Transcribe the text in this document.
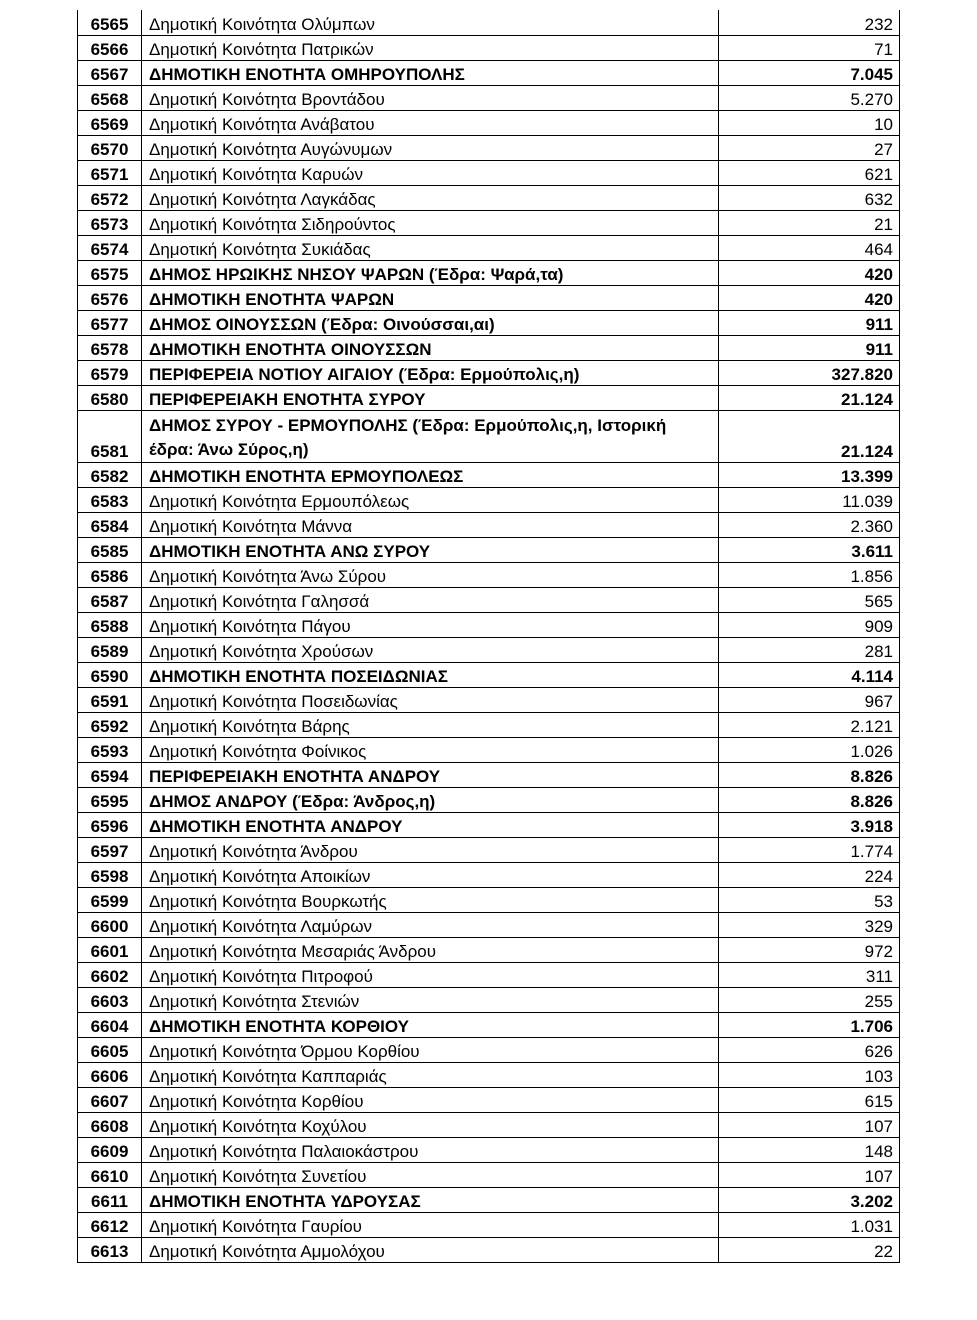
6565	Δημοτική Κοινότητα Ολύμπων	232
6566	Δημοτική Κοινότητα Πατρικών	71
6567	ΔΗΜΟΤΙΚΗ ΕΝΟΤΗΤΑ ΟΜΗΡΟΥΠΟΛΗΣ	7.045
6568	Δημοτική Κοινότητα Βροντάδου	5.270
6569	Δημοτική Κοινότητα Ανάβατου	10
6570	Δημοτική Κοινότητα Αυγώνυμων	27
6571	Δημοτική Κοινότητα Καρυών	621
6572	Δημοτική Κοινότητα Λαγκάδας	632
6573	Δημοτική Κοινότητα Σιδηρούντος	21
6574	Δημοτική Κοινότητα Συκιάδας	464
6575	ΔΗΜΟΣ ΗΡΩΙΚΗΣ ΝΗΣΟΥ ΨΑΡΩΝ (Έδρα: Ψαρά,τα)	420
6576	ΔΗΜΟΤΙΚΗ ΕΝΟΤΗΤΑ ΨΑΡΩΝ	420
6577	ΔΗΜΟΣ ΟΙΝΟΥΣΣΩΝ (Έδρα: Οινούσσαι,αι)	911
6578	ΔΗΜΟΤΙΚΗ ΕΝΟΤΗΤΑ ΟΙΝΟΥΣΣΩΝ	911
6579	ΠΕΡΙΦΕΡΕΙΑ ΝΟΤΙΟΥ ΑΙΓΑΙΟΥ (Έδρα: Ερμούπολις,η)	327.820
6580	ΠΕΡΙΦΕΡΕΙΑΚΗ ΕΝΟΤΗΤΑ ΣΥΡΟΥ	21.124
6581	ΔΗΜΟΣ ΣΥΡΟΥ - ΕΡΜΟΥΠΟΛΗΣ (Έδρα: Ερμούπολις,η, Ιστορική έδρα: Άνω Σύρος,η)	21.124
6582	ΔΗΜΟΤΙΚΗ ΕΝΟΤΗΤΑ ΕΡΜΟΥΠΟΛΕΩΣ	13.399
6583	Δημοτική Κοινότητα Ερμουπόλεως	11.039
6584	Δημοτική Κοινότητα Μάννα	2.360
6585	ΔΗΜΟΤΙΚΗ ΕΝΟΤΗΤΑ ΑΝΩ ΣΥΡΟΥ	3.611
6586	Δημοτική Κοινότητα Άνω Σύρου	1.856
6587	Δημοτική Κοινότητα Γαλησσά	565
6588	Δημοτική Κοινότητα Πάγου	909
6589	Δημοτική Κοινότητα Χρούσων	281
6590	ΔΗΜΟΤΙΚΗ ΕΝΟΤΗΤΑ ΠΟΣΕΙΔΩΝΙΑΣ	4.114
6591	Δημοτική Κοινότητα Ποσειδωνίας	967
6592	Δημοτική Κοινότητα Βάρης	2.121
6593	Δημοτική Κοινότητα Φοίνικος	1.026
6594	ΠΕΡΙΦΕΡΕΙΑΚΗ ΕΝΟΤΗΤΑ ΑΝΔΡΟΥ	8.826
6595	ΔΗΜΟΣ ΑΝΔΡΟΥ (Έδρα: Άνδρος,η)	8.826
6596	ΔΗΜΟΤΙΚΗ ΕΝΟΤΗΤΑ ΑΝΔΡΟΥ	3.918
6597	Δημοτική Κοινότητα Άνδρου	1.774
6598	Δημοτική Κοινότητα Αποικίων	224
6599	Δημοτική Κοινότητα Βουρκωτής	53
6600	Δημοτική Κοινότητα Λαμύρων	329
6601	Δημοτική Κοινότητα Μεσαριάς Άνδρου	972
6602	Δημοτική Κοινότητα Πιτροφού	311
6603	Δημοτική Κοινότητα Στενιών	255
6604	ΔΗΜΟΤΙΚΗ ΕΝΟΤΗΤΑ ΚΟΡΘΙΟΥ	1.706
6605	Δημοτική Κοινότητα Όρμου Κορθίου	626
6606	Δημοτική Κοινότητα Καππαριάς	103
6607	Δημοτική Κοινότητα Κορθίου	615
6608	Δημοτική Κοινότητα Κοχύλου	107
6609	Δημοτική Κοινότητα Παλαιοκάστρου	148
6610	Δημοτική Κοινότητα Συνετίου	107
6611	ΔΗΜΟΤΙΚΗ ΕΝΟΤΗΤΑ ΥΔΡΟΥΣΑΣ	3.202
6612	Δημοτική Κοινότητα Γαυρίου	1.031
6613	Δημοτική Κοινότητα Αμμολόχου	22
